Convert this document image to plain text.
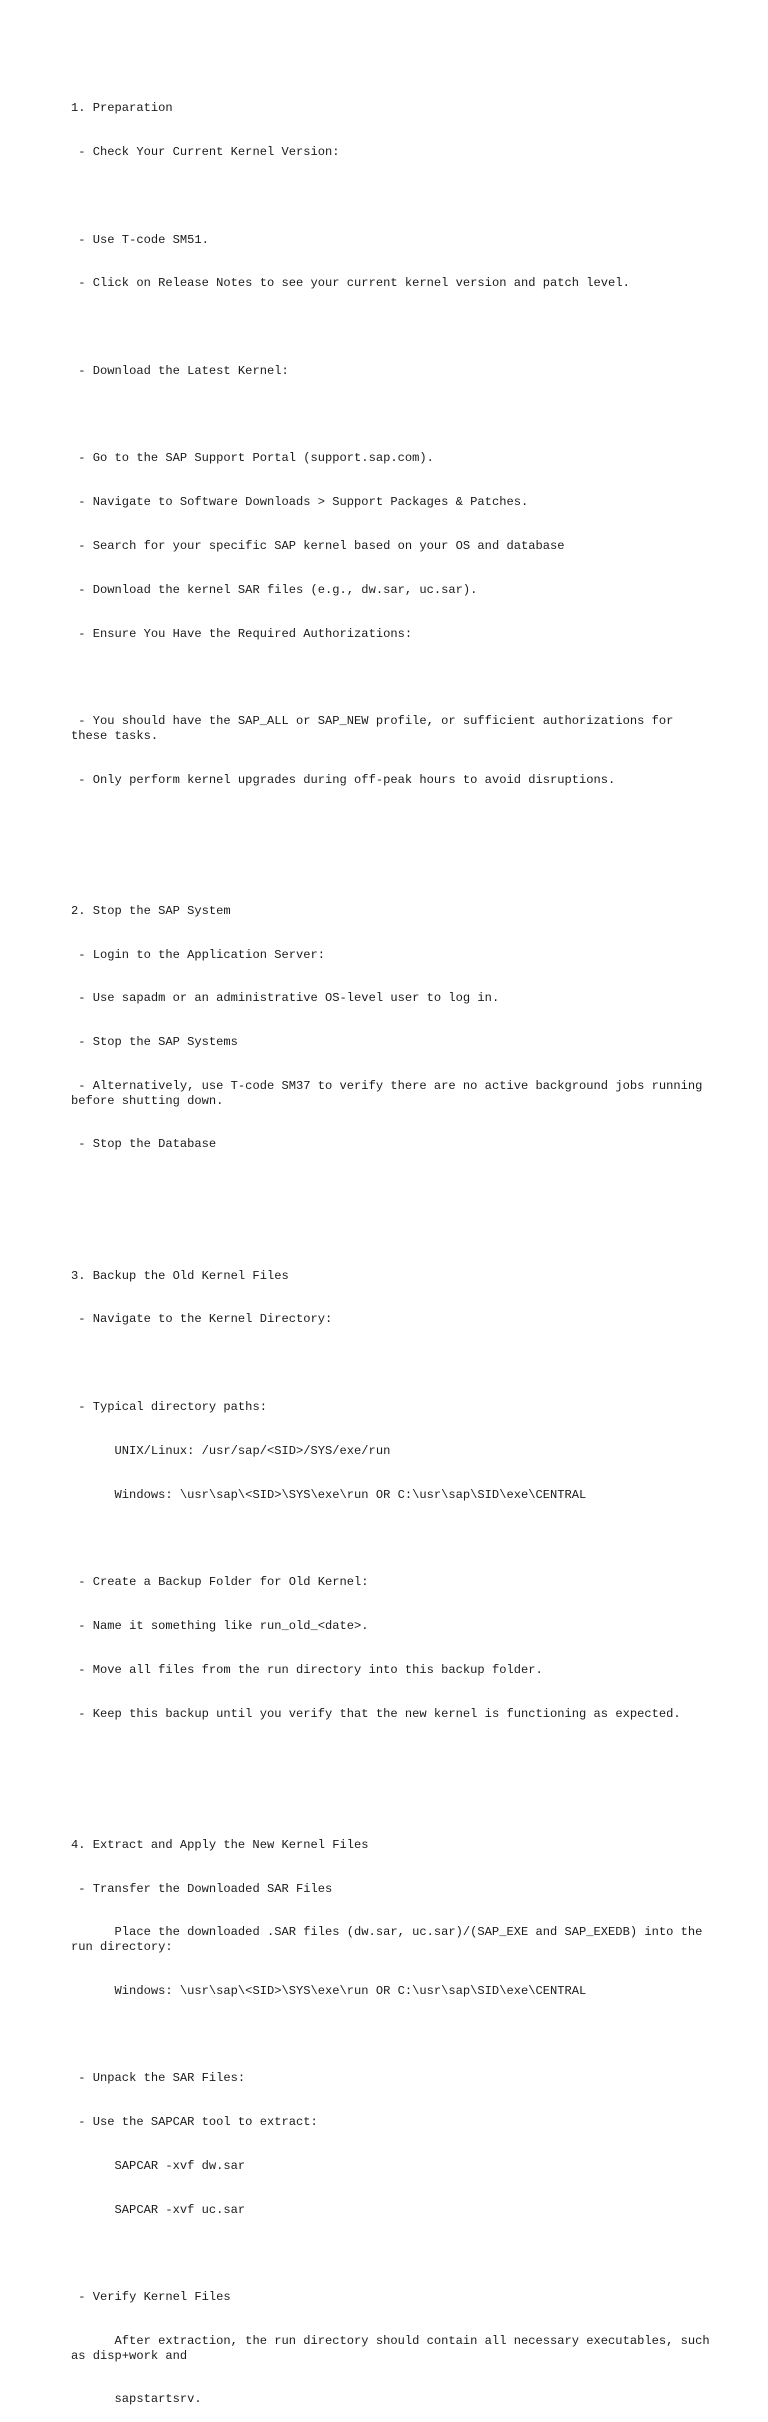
1. Preparation

- Check Your Current Kernel Version:

- Use T-code SM51.

- Click on Release Notes to see your current kernel version and patch level.

- Download the Latest Kernel:

- Go to the SAP Support Portal (support.sap.com).

- Navigate to Software Downloads > Support Packages & Patches.

- Search for your specific SAP kernel based on your OS and database

- Download the kernel SAR files (e.g., dw.sar, uc.sar).

- Ensure You Have the Required Authorizations:

- You should have the SAP_ALL or SAP_NEW profile, or sufficient authorizations for these tasks.

- Only perform kernel upgrades during off-peak hours to avoid disruptions.

2. Stop the SAP System

- Login to the Application Server:

- Use sapadm or an administrative OS-level user to log in.

- Stop the SAP Systems

- Alternatively, use T-code SM37 to verify there are no active background jobs running before shutting down.

- Stop the Database

3. Backup the Old Kernel Files

- Navigate to the Kernel Directory:

- Typical directory paths:

UNIX/Linux: /usr/sap/<SID>/SYS/exe/run

Windows: \usr\sap\<SID>\SYS\exe\run OR C:\usr\sap\SID\exe\CENTRAL

- Create a Backup Folder for Old Kernel:

- Name it something like run_old_<date>.

- Move all files from the run directory into this backup folder.

- Keep this backup until you verify that the new kernel is functioning as expected.

4. Extract and Apply the New Kernel Files

- Transfer the Downloaded SAR Files

Place the downloaded .SAR files (dw.sar, uc.sar)/(SAP_EXE and SAP_EXEDB) into the run directory:

Windows: \usr\sap\<SID>\SYS\exe\run OR C:\usr\sap\SID\exe\CENTRAL

- Unpack the SAR Files:

- Use the SAPCAR tool to extract:

SAPCAR -xvf dw.sar

SAPCAR -xvf uc.sar

- Verify Kernel Files

After extraction, the run directory should contain all necessary executables, such as disp+work and

sapstartsrv.
